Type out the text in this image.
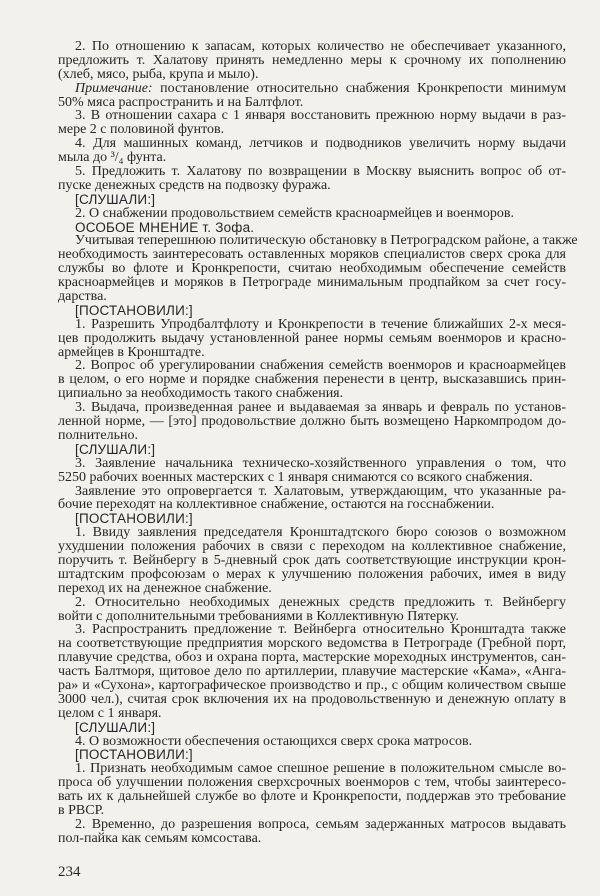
2. По отношению к запасам, которых количество не обеспечивает указанного,
предложить т. Халатову принять немедленно меры к срочному их пополнению
(хлеб, мясо, рыба, крупа и мыло).
Примечание: постановление относительно снабжения Кронкрепости минимум
50% мяса распространить и на Балтфлот.
3. В отношении сахара с 1 января восстановить прежнюю норму выдачи в раз-
мере 2 с половиной фунтов.
4. Для машинных команд, летчиков и подводников увеличить норму выдачи
мыла до ³/₄ фунта.
5. Предложить т. Халатову по возвращении в Москву выяснить вопрос об от-
пуске денежных средств на подвозку фуража.
[СЛУШАЛИ:]
2. О снабжении продовольствием семейств красноармейцев и военморов.
ОСОБОЕ МНЕНИЕ т. Зофа.
Учитывая теперешнюю политическую обстановку в Петроградском районе, а также
необходимость заинтересовать оставленных моряков специалистов сверх срока для
службы во флоте и Кронкрепости, считаю необходимым обеспечение семейств
красноармейцев и моряков в Петрограде минимальным продпайком за счет госу-
дарства.
[ПОСТАНОВИЛИ:]
1. Разрешить Упродбалтфлоту и Кронкрепости в течение ближайших 2-х меся-
цев продолжить выдачу установленной ранее нормы семьям военморов и красно-
армейцев в Кронштадте.
2. Вопрос об урегулировании снабжения семейств военморов и красноармейцев
в целом, о его норме и порядке снабжения перенести в центр, высказавшись прин-
ципиально за необходимость такого снабжения.
3. Выдача, произведенная ранее и выдаваемая за январь и февраль по установ-
ленной норме, — [это] продовольствие должно быть возмещено Наркомпродом до-
полнительно.
[СЛУШАЛИ:]
3. Заявление начальника техническо-хозяйственного управления о том, что
5250 рабочих военных мастерских с 1 января снимаются со всякого снабжения.
Заявление это опровергается т. Халатовым, утверждающим, что указанные ра-
бочие переходят на коллективное снабжение, остаются на госснабжении.
[ПОСТАНОВИЛИ:]
1. Ввиду заявления председателя Кронштадтского бюро союзов о возможном
ухудшении положения рабочих в связи с переходом на коллективное снабжение,
поручить т. Вейнбергу в 5-дневный срок дать соответствующие инструкции крон-
штадтским профсоюзам о мерах к улучшению положения рабочих, имея в виду
переход их на денежное снабжение.
2. Относительно необходимых денежных средств предложить т. Вейнбергу
войти с дополнительными требованиями в Коллективную Пятерку.
3. Распространить предложение т. Вейнберга относительно Кронштадта также
на соответствующие предприятия морского ведомства в Петрограде (Гребной порт,
плавучие средства, обоз и охрана порта, мастерские мореходных инструментов, сан-
часть Балтморя, щитовое дело по артиллерии, плавучие мастерские «Кама», «Анга-
ра» и «Сухона», картографическое производство и пр., с общим количеством свыше
3000 чел.), считая срок включения их на продовольственную и денежную оплату в
целом с 1 января.
[СЛУШАЛИ:]
4. О возможности обеспечения остающихся сверх срока матросов.
[ПОСТАНОВИЛИ:]
1. Признать необходимым самое спешное решение в положительном смысле во-
проса об улучшении положения сверхсрочных военморов с тем, чтобы заинтересо-
вать их к дальнейшей службе во флоте и Кронкрепости, поддержав это требование
в РВСР.
2. Временно, до разрешения вопроса, семьям задержанных матросов выдавать
пол-пайка как семьям комсостава.
234
